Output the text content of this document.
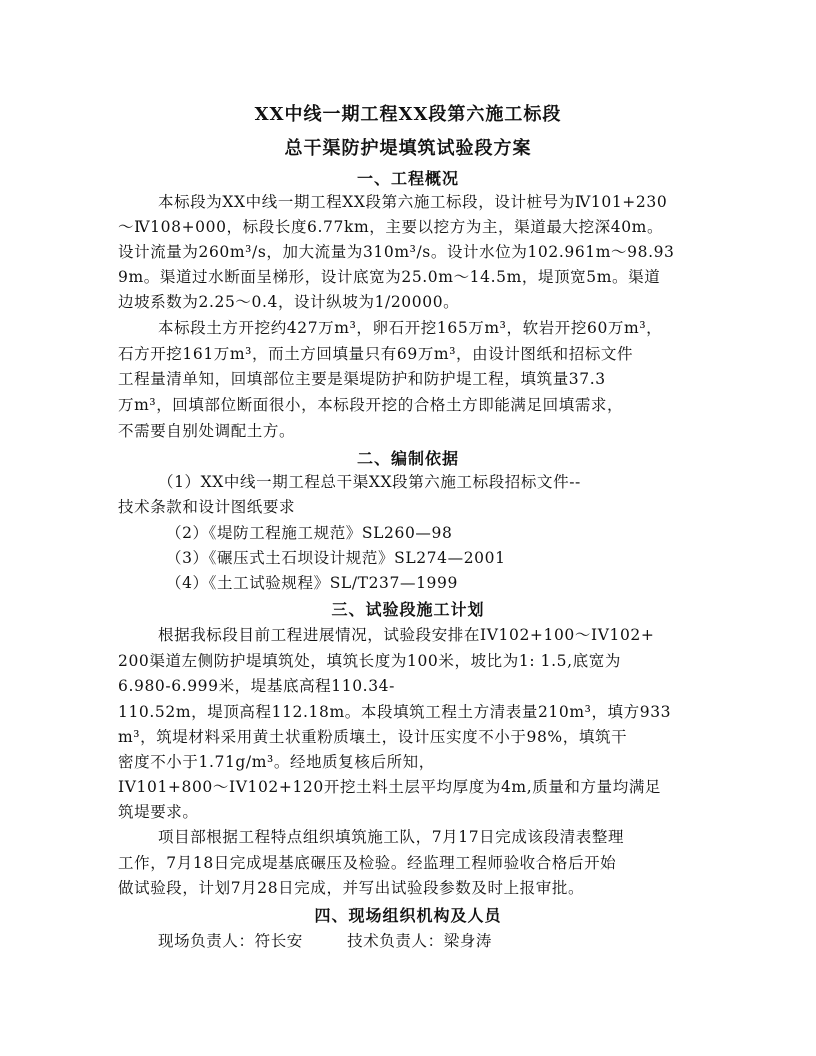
XX中线一期工程XX段第六施工标段
总干渠防护堤填筑试验段方案
一、工程概况
本标段为XX中线一期工程XX段第六施工标段，设计桩号为Ⅳ101+230
～Ⅳ108+000，标段长度6.77km，主要以挖方为主，渠道最大挖深40m。
设计流量为260m³/s，加大流量为310m³/s。设计水位为102.961m～98.93
9m。渠道过水断面呈梯形，设计底宽为25.0m～14.5m，堤顶宽5m。渠道
边坡系数为2.25～0.4，设计纵坡为1/20000。
本标段土方开挖约427万m³，卵石开挖165万m³，软岩开挖60万m³，
石方开挖161万m³，而土方回填量只有69万m³，由设计图纸和招标文件
工程量清单知，回填部位主要是渠堤防护和防护堤工程，填筑量37.3
万m³，回填部位断面很小，本标段开挖的合格土方即能满足回填需求，
不需要自别处调配土方。
二、编制依据
（1）XX中线一期工程总干渠XX段第六施工标段招标文件--
技术条款和设计图纸要求
（2）《堤防工程施工规范》SL260—98
（3）《碾压式土石坝设计规范》SL274—2001
（4）《土工试验规程》SL/T237—1999
三、试验段施工计划
根据我标段目前工程进展情况，试验段安排在IV102+100～IV102+
200渠道左侧防护堤填筑处，填筑长度为100米，坡比为1: 1.5,底宽为
6.980-6.999米，堤基底高程110.34-
110.52m，堤顶高程112.18m。本段填筑工程土方清表量210m³，填方933
m³，筑堤材料采用黄土状重粉质壤土，设计压实度不小于98%，填筑干
密度不小于1.71g/m³。经地质复核后所知，
IV101+800～IV102+120开挖土料土层平均厚度为4m,质量和方量均满足
筑堤要求。
项目部根据工程特点组织填筑施工队，7月17日完成该段清表整理
工作，7月18日完成堤基底碾压及检验。经监理工程师验收合格后开始
做试验段，计划7月28日完成，并写出试验段参数及时上报审批。
四、现场组织机构及人员
现场负责人：符长安        技术负责人：梁身涛
